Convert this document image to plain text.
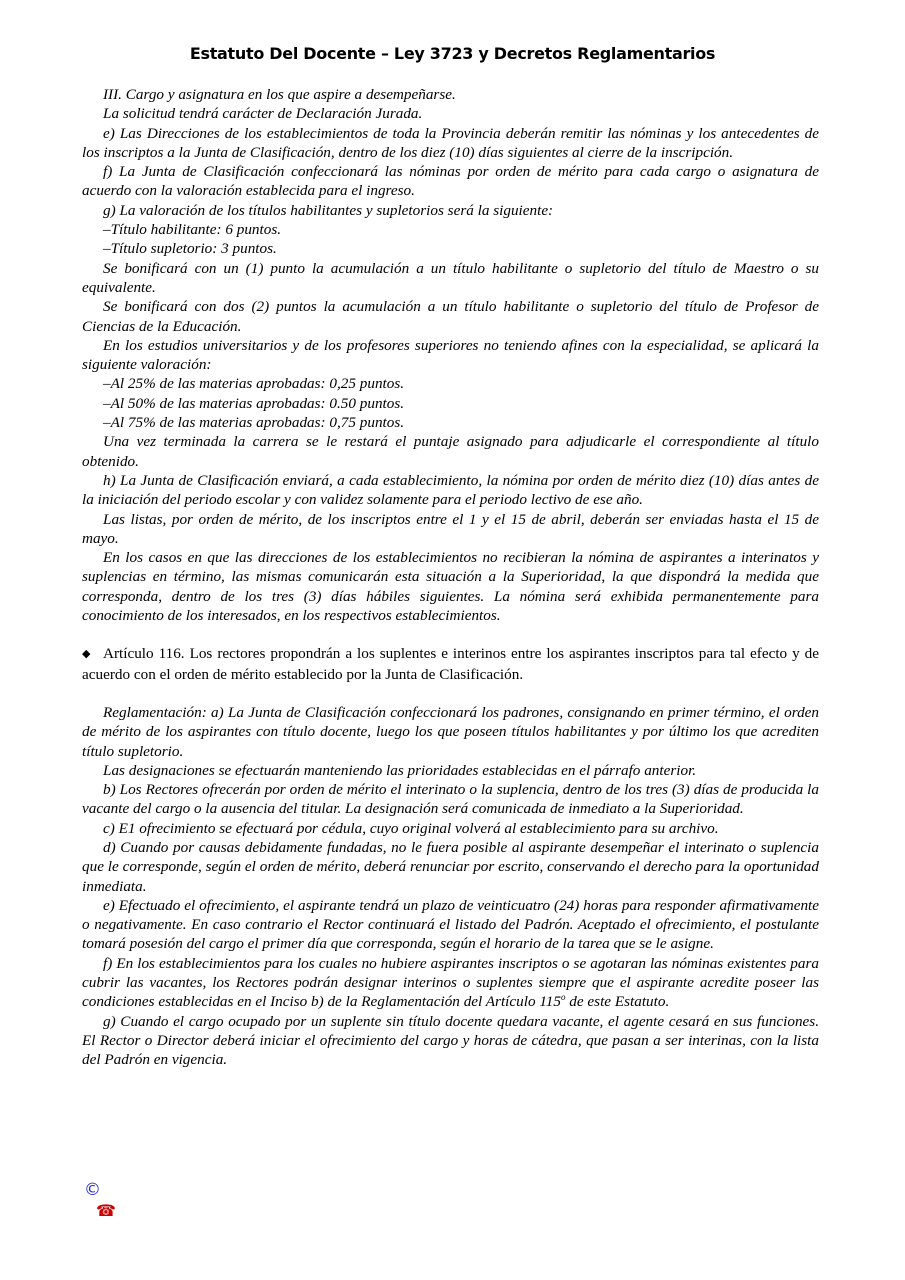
Estatuto Del Docente – Ley 3723 y Decretos Reglamentarios

III. Cargo y asignatura en los que aspire a desempeñarse.

La solicitud tendrá carácter de Declaración Jurada.

e) Las Direcciones de los establecimientos de toda la Provincia deberán remitir las nóminas y los antecedentes de los inscriptos a la Junta de Clasificación, dentro de los diez (10) días siguientes al cierre de la inscripción.

f) La Junta de Clasificación confeccionará las nóminas por orden de mérito para cada cargo o asignatura de acuerdo con la valoración establecida para el ingreso.

g) La valoración de los títulos habilitantes y supletorios será la siguiente:

–Título habilitante: 6 puntos.

–Título supletorio: 3 puntos.

Se bonificará con un (1) punto la acumulación a un título habilitante o supletorio del título de Maestro o su equivalente.

Se bonificará con dos (2) puntos la acumulación a un título habilitante o supletorio del título de Profesor de Ciencias de la Educación.

En los estudios universitarios y de los profesores superiores no teniendo afines con la especialidad, se aplicará la siguiente valoración:

–Al 25% de las materias aprobadas: 0,25 puntos.

–Al 50% de las materias aprobadas: 0.50 puntos.

–Al 75% de las materias aprobadas: 0,75 puntos.

Una vez terminada la carrera se le restará el puntaje asignado para adjudicarle el correspondiente al título obtenido.

h) La Junta de Clasificación enviará, a cada establecimiento, la nómina por orden de mérito diez (10) días antes de la iniciación del periodo escolar y con validez solamente para el periodo lectivo de ese año.

Las listas, por orden de mérito, de los inscriptos entre el 1 y el 15 de abril, deberán ser enviadas hasta el 15 de mayo.

En los casos en que las direcciones de los establecimientos no recibieran la nómina de aspirantes a interinatos y suplencias en término, las mismas comunicarán esta situación a la Superioridad, la que dispondrá la medida que corresponda, dentro de los tres (3) días hábiles siguientes. La nómina será exhibida permanentemente para conocimiento de los interesados, en los respectivos establecimientos.

◆ Artículo 116. Los rectores propondrán a los suplentes e interinos entre los aspirantes inscriptos para tal efecto y de acuerdo con el orden de mérito establecido por la Junta de Clasificación.

Reglamentación: a) La Junta de Clasificación confeccionará los padrones, consignando en primer término, el orden de mérito de los aspirantes con título docente, luego los que poseen títulos habilitantes y por último los que acrediten título supletorio.

Las designaciones se efectuarán manteniendo las prioridades establecidas en el párrafo anterior.

b) Los Rectores ofrecerán por orden de mérito el interinato o la suplencia, dentro de los tres (3) días de producida la vacante del cargo o la ausencia del titular. La designación será comunicada de inmediato a la Superioridad.

c) E1 ofrecimiento se efectuará por cédula, cuyo original volverá al establecimiento para su archivo.

d) Cuando por causas debidamente fundadas, no le fuera posible al aspirante desempeñar el interinato o suplencia que le corresponde, según el orden de mérito, deberá renunciar por escrito, conservando el derecho para la oportunidad inmediata.

e) Efectuado el ofrecimiento, el aspirante tendrá un plazo de veinticuatro (24) horas para responder afirmativamente o negativamente. En caso contrario el Rector continuará el listado del Padrón. Aceptado el ofrecimiento, el postulante tomará posesión del cargo el primer día que corresponda, según el horario de la tarea que se le asigne.

f) En los establecimientos para los cuales no hubiere aspirantes inscriptos o se agotaran las nóminas existentes para cubrir las vacantes, los Rectores podrán designar interinos o suplentes siempre que el aspirante acredite poseer las condiciones establecidas en el Inciso b) de la Reglamentación del Artículo 115$^o$ de este Estatuto.

g) Cuando el cargo ocupado por un suplente sin título docente quedara vacante, el agente cesará en sus funciones. El Rector o Director deberá iniciar el ofrecimiento del cargo y horas de cátedra, que pasan a ser interinas, con la lista del Padrón en vigencia.

©
☎
